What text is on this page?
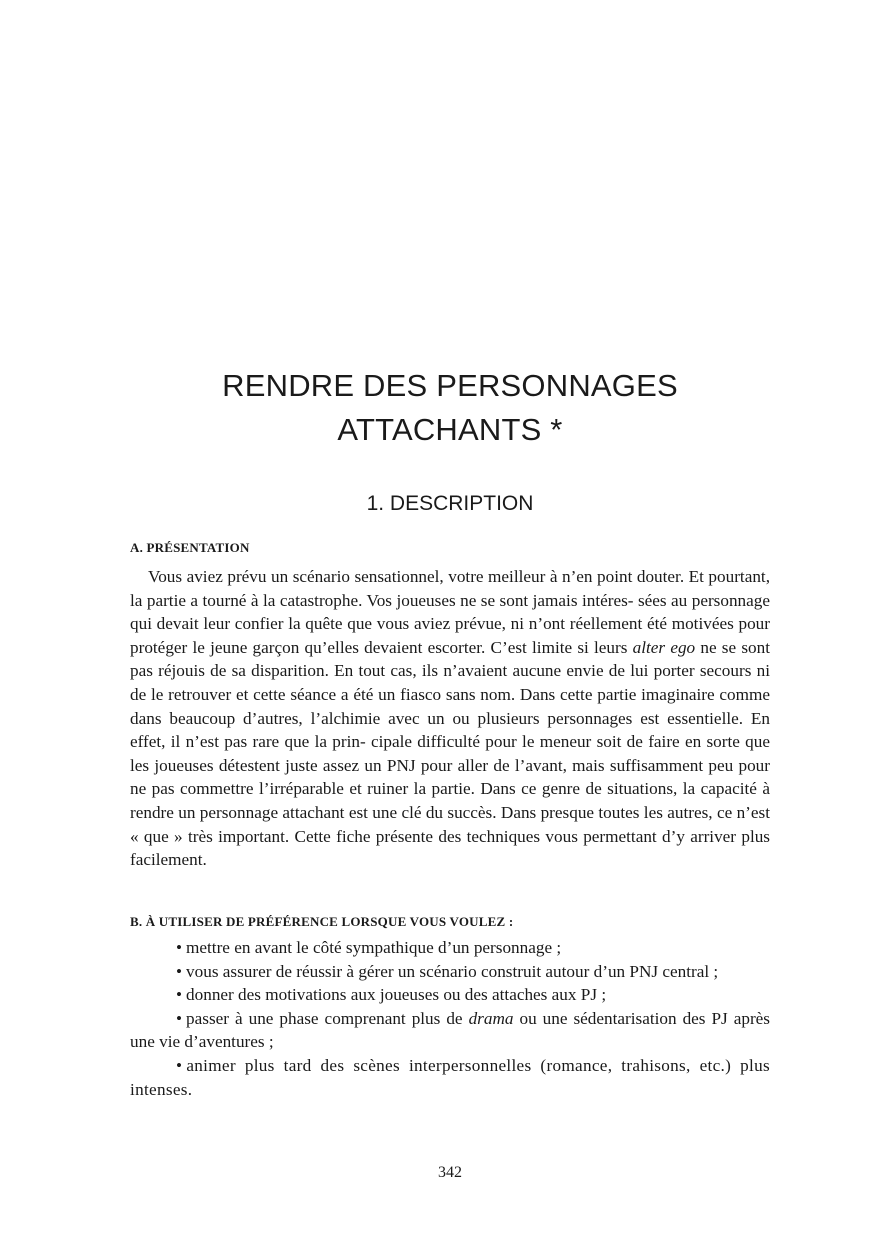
RENDRE DES PERSONNAGES
ATTACHANTS *
1. DESCRIPTION
A. PRÉSENTATION

Vous aviez prévu un scénario sensationnel, votre meilleur à n’en point douter. Et pourtant, la partie a tourné à la catastrophe. Vos joueuses ne se sont jamais intéres- sées au personnage qui devait leur confier la quête que vous aviez prévue, ni n’ont réellement été motivées pour protéger le jeune garçon qu’elles devaient escorter. C’est limite si leurs alter ego ne se sont pas réjouis de sa disparition. En tout cas, ils n’avaient aucune envie de lui porter secours ni de le retrouver et cette séance a été un fiasco sans nom. Dans cette partie imaginaire comme dans beaucoup d’autres, l’alchimie avec un ou plusieurs personnages est essentielle. En effet, il n’est pas rare que la prin- cipale difficulté pour le meneur soit de faire en sorte que les joueuses détestent juste assez un PNJ pour aller de l’avant, mais suffisamment peu pour ne pas commettre l’irréparable et ruiner la partie. Dans ce genre de situations, la capacité à rendre un personnage attachant est une clé du succès. Dans presque toutes les autres, ce n’est « que » très important. Cette fiche présente des techniques vous permettant d’y arriver plus facilement.

B. À UTILISER DE PRÉFÉRENCE LORSQUE VOUS VOULEZ :

• mettre en avant le côté sympathique d’un personnage ;

• vous assurer de réussir à gérer un scénario construit autour d’un PNJ central ;

• donner des motivations aux joueuses ou des attaches aux PJ ;

• passer à une phase comprenant plus de drama ou une sédentarisation des PJ après une vie d’aventures ;

• animer plus tard des scènes interpersonnelles (romance, trahisons, etc.) plus intenses.

342
